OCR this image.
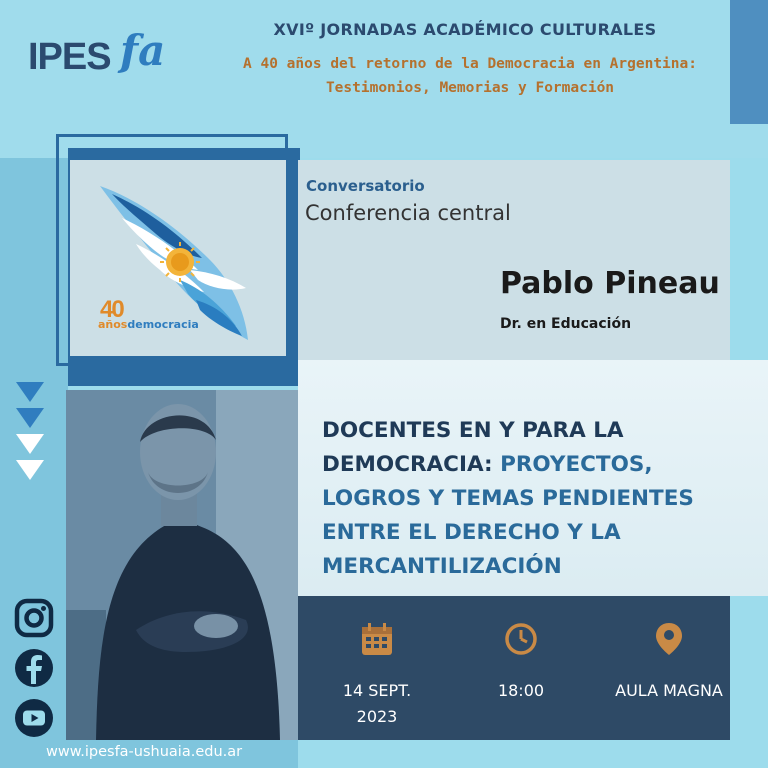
IPES fa	XVIº JORNADAS ACADÉMICO CULTURALES
A 40 años del retorno de la Democracia en Argentina:
Testimonios, Memorias y Formación
40
añosdemocracia
Conversatorio
Conferencia central
Pablo Pineau
Dr. en Educación
DOCENTES EN Y PARA LA DEMOCRACIA: PROYECTOS, LOGROS Y TEMAS PENDIENTES ENTRE EL DERECHO Y LA MERCANTILIZACIÓN
14 SEPT.
2023
18:00	AULA MAGNA
www.ipesfa-ushuaia.edu.ar
